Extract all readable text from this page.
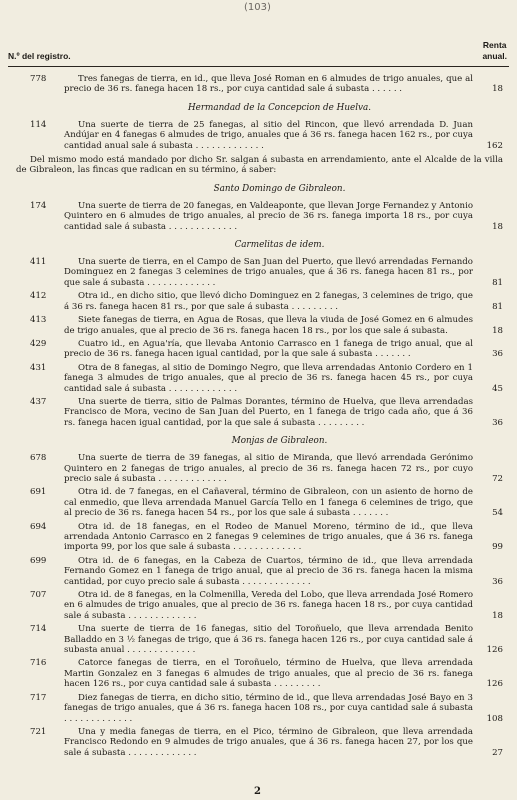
(103)
N.º del registro.
Renta
anual.
778	Tres fanegas de tierra, en id., que lleva José Roman en 6 almudes de trigo anuales, que al precio de 36 rs. fanega hacen 18 rs., por cuya cantidad sale á subasta . . . . . .	18
Hermandad de la Concepcion de Huelva.
114	Una suerte de tierra de 25 fanegas, al sitio del Rincon, que llevó arrendada D. Juan Andújar en 4 fanegas 6 almudes de trigo, anuales que á 36 rs. fanega hacen 162 rs., por cuya cantidad anual sale á subasta . . . . . . . . . . . . .	162
Del mismo modo está mandado por dicho Sr. salgan á subasta en arrendamiento, ante el Alcalde de la villa de Gibraleon, las fincas que radican en su término, á saber:
Santo Domingo de Gibraleon.
174	Una suerte de tierra de 20 fanegas, en Valdeaponte, que llevan Jorge Fernandez y Antonio Quintero en 6 almudes de trigo anuales, al precio de 36 rs. fanega importa 18 rs., por cuya cantidad sale á subasta . . . . . . . . . . . . .	18
Carmelitas de idem.
411	Una suerte de tierra, en el Campo de San Juan del Puerto, que llevó arrendadas Fernando Dominguez en 2 fanegas 3 celemines de trigo anuales, que á 36 rs. fanega hacen 81 rs., por que sale á subasta . . . . . . . . . . . . .	81
412	Otra id., en dicho sitio, que llevó dicho Dominguez en 2 fanegas, 3 celemines de trigo, que á 36 rs. fanega hacen 81 rs., por que sale á subasta . . . . . . . . .	81
413	Siete fanegas de tierra, en Agua de Rosas, que lleva la viuda de José Gomez en 6 almudes de trigo anuales, que al precio de 36 rs. fanega hacen 18 rs., por los que sale á subasta.	18
429	Cuatro id., en Agua'ría, que llevaba Antonio Carrasco en 1 fanega de trigo anual, que al precio de 36 rs. fanega hacen igual cantidad, por la que sale á subasta . . . . . . .	36
431	Otra de 8 fanegas, al sitio de Domingo Negro, que lleva arrendadas Antonio Cordero en 1 fanega 3 almudes de trigo anuales, que al precio de 36 rs. fanega hacen 45 rs., por cuya cantidad sale á subasta . . . . . . . . . . . . .	45
437	Una suerte de tierra, sitio de Palmas Dorantes, término de Huelva, que lleva arrendadas Francisco de Mora, vecino de San Juan del Puerto, en 1 fanega de trigo cada año, que á 36 rs. fanega hacen igual cantidad, por la que sale á subasta . . . . . . . . .	36
Monjas de Gibraleon.
678	Una suerte de tierra de 39 fanegas, al sitio de Miranda, que llevó arrendada Gerónimo Quintero en 2 fanegas de trigo anuales, al precio de 36 rs. fanega hacen 72 rs., por cuyo precio sale á subasta . . . . . . . . . . . . .	72
691	Otra id. de 7 fanegas, en el Cañaveral, término de Gibraleon, con un asiento de horno de cal enmedio, que lleva arrendada Manuel García Tello en 1 fanega 6 celemines de trigo, que al precio de 36 rs. fanega hacen 54 rs., por los que sale á subasta . . . . . . .	54
694	Otra id. de 18 fanegas, en el Rodeo de Manuel Moreno, término de id., que lleva arrendada Antonio Carrasco en 2 fanegas 9 celemines de trigo anuales, que á 36 rs. fanega importa 99, por los que sale á subasta . . . . . . . . . . . . .	99
699	Otra id. de 6 fanegas, en la Cabeza de Cuartos, término de id., que lleva arrendada Fernando Gomez en 1 fanega de trigo anual, que al precio de 36 rs. fanega hacen la misma cantidad, por cuyo precio sale á subasta . . . . . . . . . . . . .	36
707	Otra id. de 8 fanegas, en la Colmenilla, Vereda del Lobo, que lleva arrendada José Romero en 6 almudes de trigo anuales, que al precio de 36 rs. fanega hacen 18 rs., por cuya cantidad sale á subasta . . . . . . . . . . . . .	18
714	Una suerte de tierra de 16 fanegas, sitio del Toroñuelo, que lleva arrendada Benito Balladdo en 3 ½ fanegas de trigo, que á 36 rs. fanega hacen 126 rs., por cuya cantidad sale á subasta anual . . . . . . . . . . . . .	126
716	Catorce fanegas de tierra, en el Toroñuelo, término de Huelva, que lleva arrendada Martin Gonzalez en 3 fanegas 6 almudes de trigo anuales, que al precio de 36 rs. fanega hacen 126 rs., por cuya cantidad sale á subasta . . . . . . . . .	126
717	Diez fanegas de tierra, en dicho sitio, término de id., que lleva arrendadas José Bayo en 3 fanegas de trigo anuales, que á 36 rs. fanega hacen 108 rs., por cuya cantidad sale á subasta . . . . . . . . . . . . .	108
721	Una y media fanegas de tierra, en el Pico, término de Gibraleon, que lleva arrendada Francisco Redondo en 9 almudes de trigo anuales, que á 36 rs. fanega hacen 27, por los que sale á subasta . . . . . . . . . . . . .	27
2
